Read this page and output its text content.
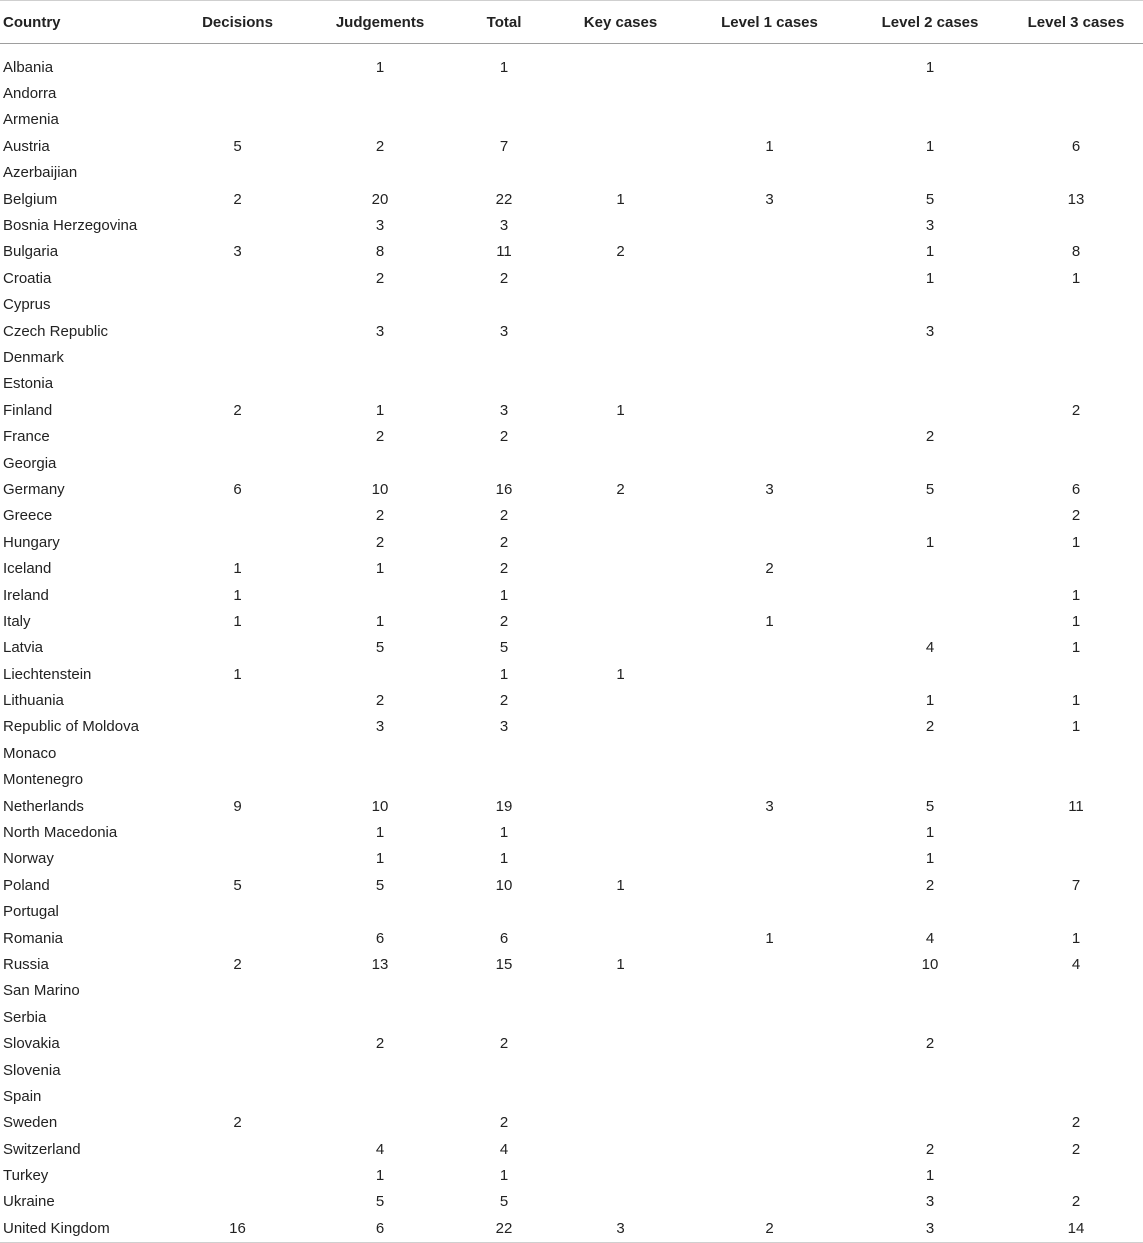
Country	Decisions	Judgements	Total	Key cases	Level 1 cases	Level 2 cases	Level 3 cases

Albania		1	1			1	
Andorra							
Armenia							
Austria	5	2	7		1	1	6
Azerbaijian							
Belgium	2	20	22	1	3	5	13
Bosnia Herzegovina		3	3			3	
Bulgaria	3	8	11	2		1	8
Croatia		2	2			1	1
Cyprus							
Czech Republic		3	3			3	
Denmark							
Estonia							
Finland	2	1	3	1			2
France		2	2			2	
Georgia							
Germany	6	10	16	2	3	5	6
Greece		2	2				2
Hungary		2	2			1	1
Iceland	1	1	2		2		
Ireland	1		1				1
Italy	1	1	2		1		1
Latvia		5	5			4	1
Liechtenstein	1		1	1			
Lithuania		2	2			1	1
Republic of Moldova		3	3			2	1
Monaco							
Montenegro							
Netherlands	9	10	19		3	5	11
North Macedonia		1	1			1	
Norway		1	1			1	
Poland	5	5	10	1		2	7
Portugal							
Romania		6	6		1	4	1
Russia	2	13	15	1		10	4
San Marino							
Serbia							
Slovakia		2	2			2	
Slovenia							
Spain							
Sweden	2		2				2
Switzerland		4	4			2	2
Turkey		1	1			1	
Ukraine		5	5			3	2
United Kingdom	16	6	22	3	2	3	14
